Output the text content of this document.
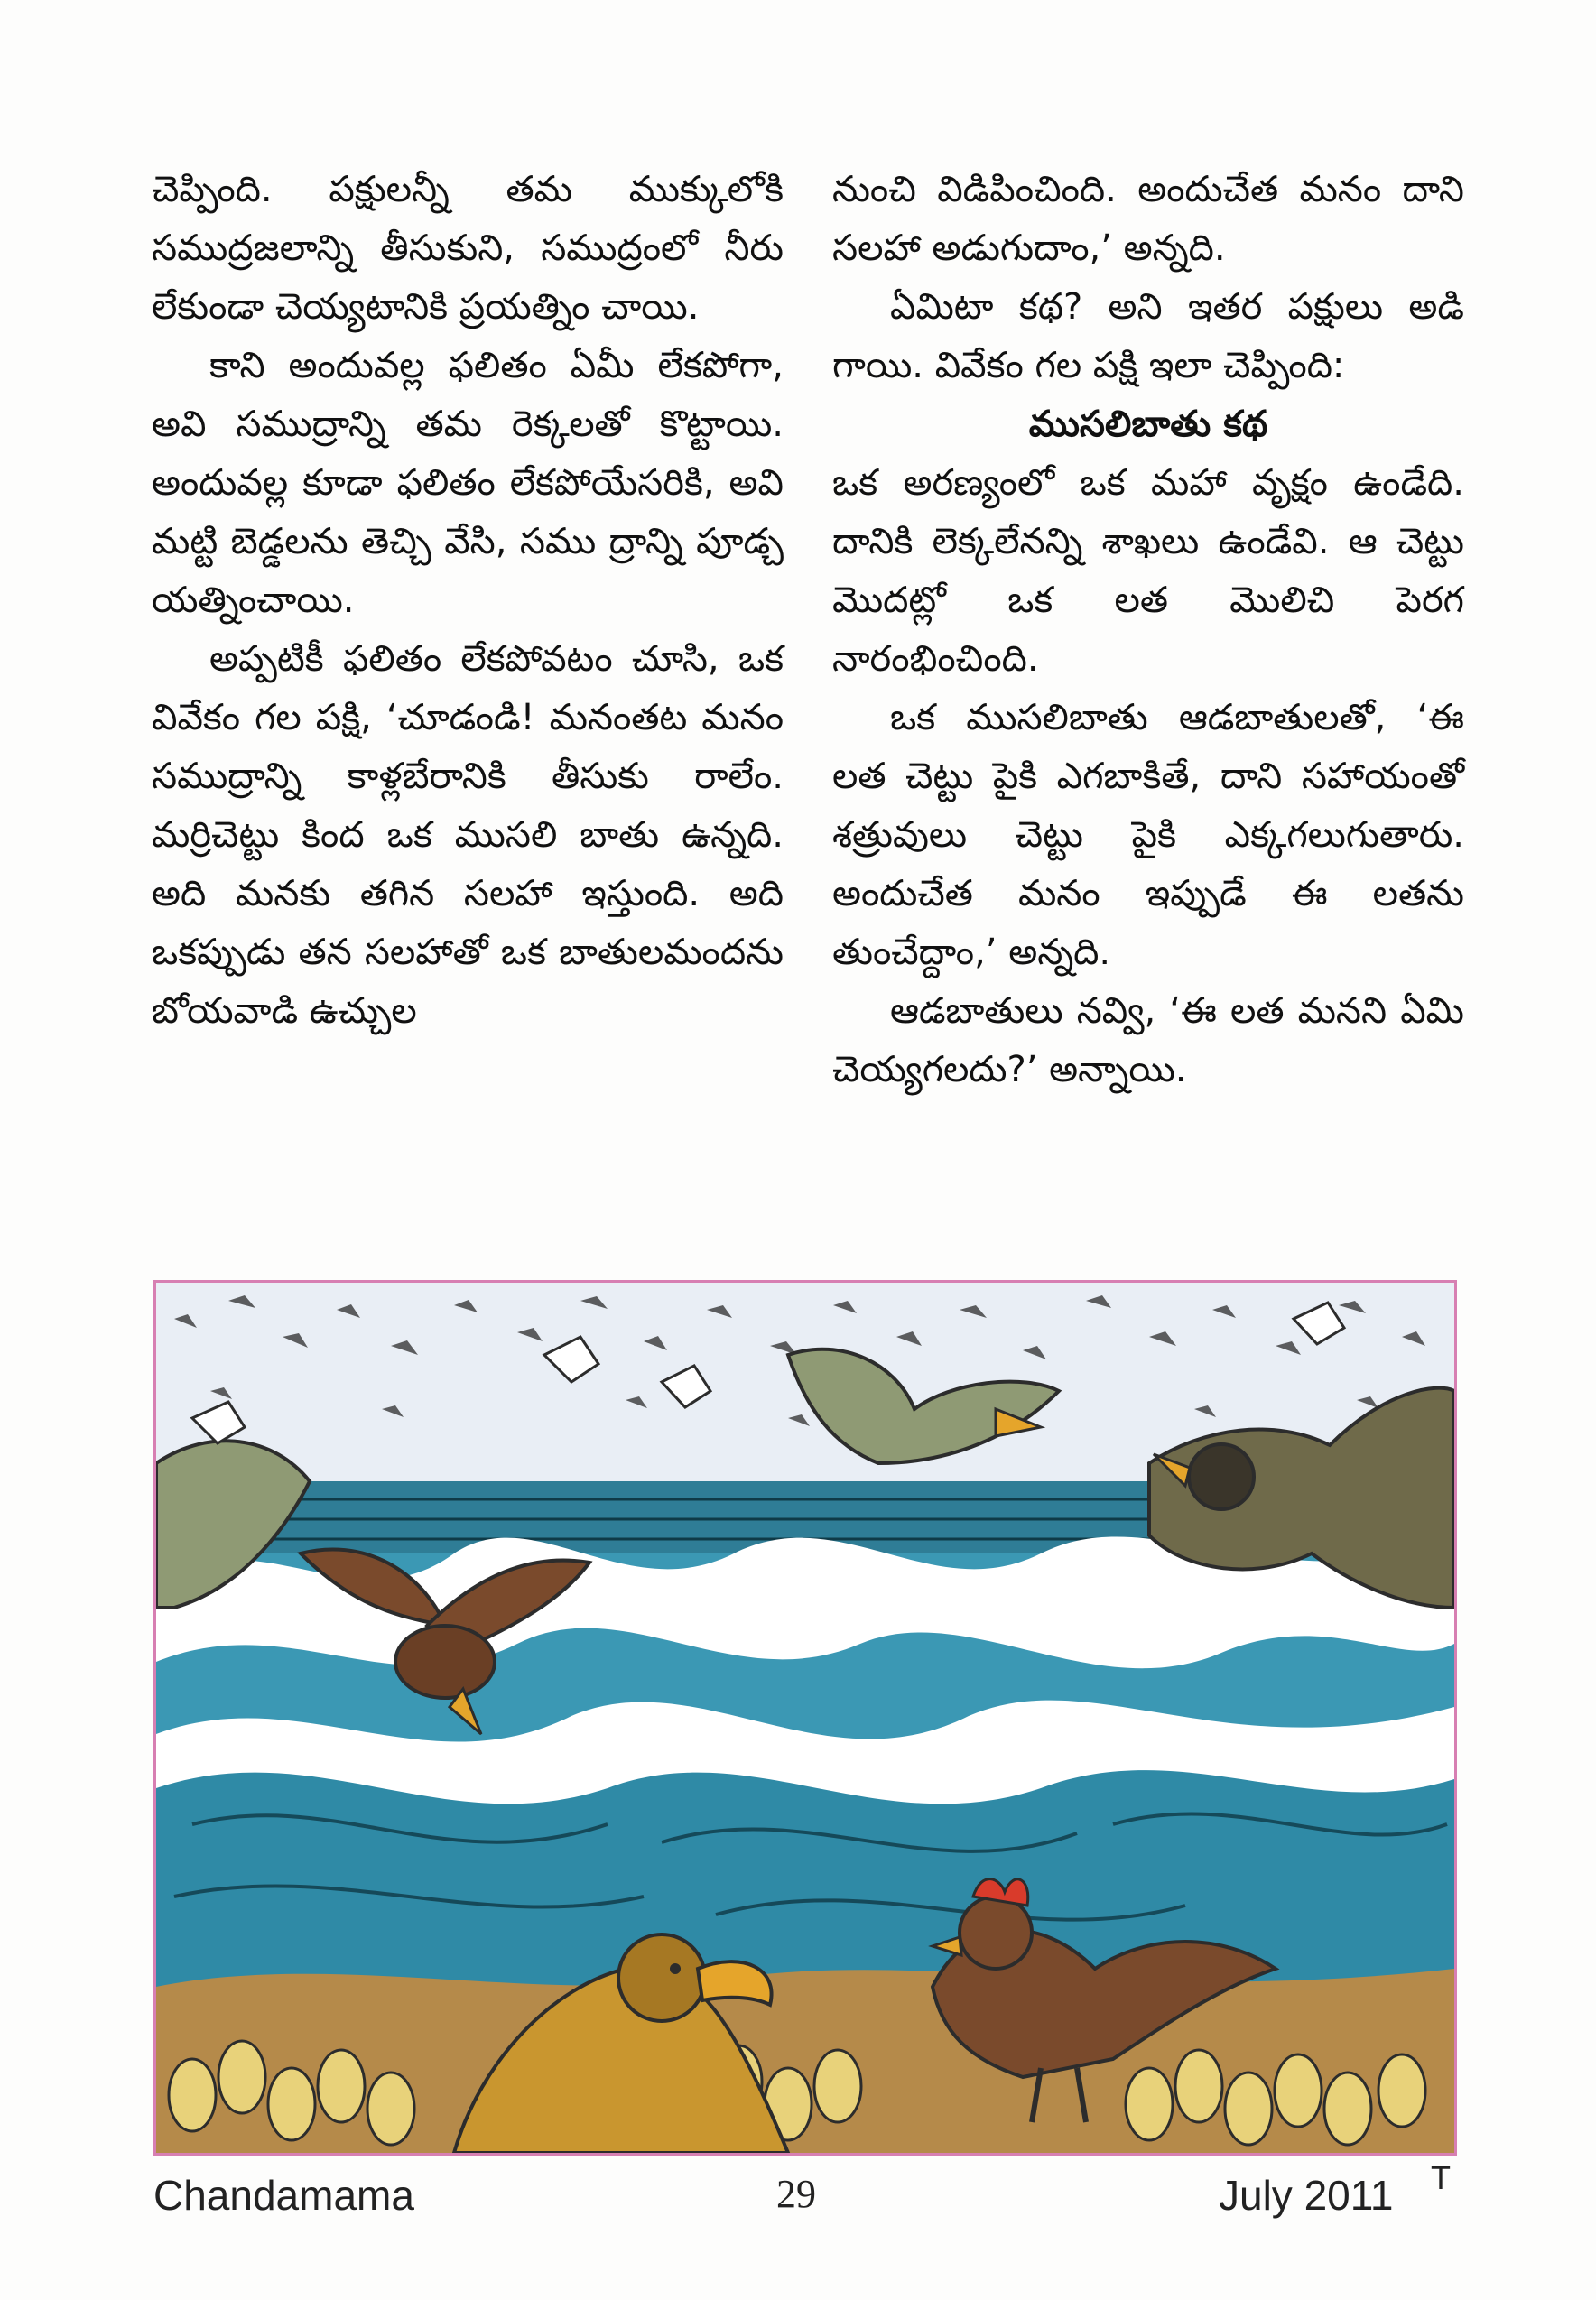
చెప్పింది. పక్షులన్నీ తమ ముక్కులోకి సముద్రజలాన్ని తీసుకుని, సముద్రంలో నీరు లేకుండా చెయ్యటానికి ప్రయత్నిం చాయి.

కాని అందువల్ల ఫలితం ఏమీ లేకపోగా, అవి సముద్రాన్ని తమ రెక్కలతో కొట్టాయి. అందువల్ల కూడా ఫలితం లేకపోయేసరికి, అవి మట్టి బెడ్డలను తెచ్చి వేసి, సము ద్రాన్ని పూడ్చ యత్నించాయి.

అప్పటికీ ఫలితం లేకపోవటం చూసి, ఒక వివేకం గల పక్షి, ‘చూడండి! మనంతట మనం సముద్రాన్ని కాళ్లబేరానికి తీసుకు రాలేం. మర్రిచెట్టు కింద ఒక ముసలి బాతు ఉన్నది. అది మనకు తగిన సలహా ఇస్తుంది. అది ఒకప్పుడు తన సలహాతో ఒక బాతులమందను బోయవాడి ఉచ్చుల

నుంచి విడిపించింది. అందుచేత మనం దాని సలహా అడుగుదాం,’ అన్నది.

ఏమిటా కథ? అని ఇతర పక్షులు అడి గాయి. వివేకం గల పక్షి ఇలా చెప్పింది:

ముసలిబాతు కథ

ఒక అరణ్యంలో ఒక మహా వృక్షం ఉండేది. దానికి లెక్కలేనన్ని శాఖలు ఉండేవి. ఆ చెట్టు మొదట్లో ఒక లత మొలిచి పెరగ నారంభించింది.

ఒక ముసలిబాతు ఆడబాతులతో, ‘ఈ లత చెట్టు పైకి ఎగబాకితే, దాని సహాయంతో శత్రువులు చెట్టు పైకి ఎక్కగలుగుతారు. అందుచేత మనం ఇప్పుడే ఈ లతను తుంచేద్దాం,’ అన్నది.

ఆడబాతులు నవ్వి, ‘ఈ లత మనని ఏమి చెయ్యగలదు?’ అన్నాయి.

Chandamama	29	July 2011 T
